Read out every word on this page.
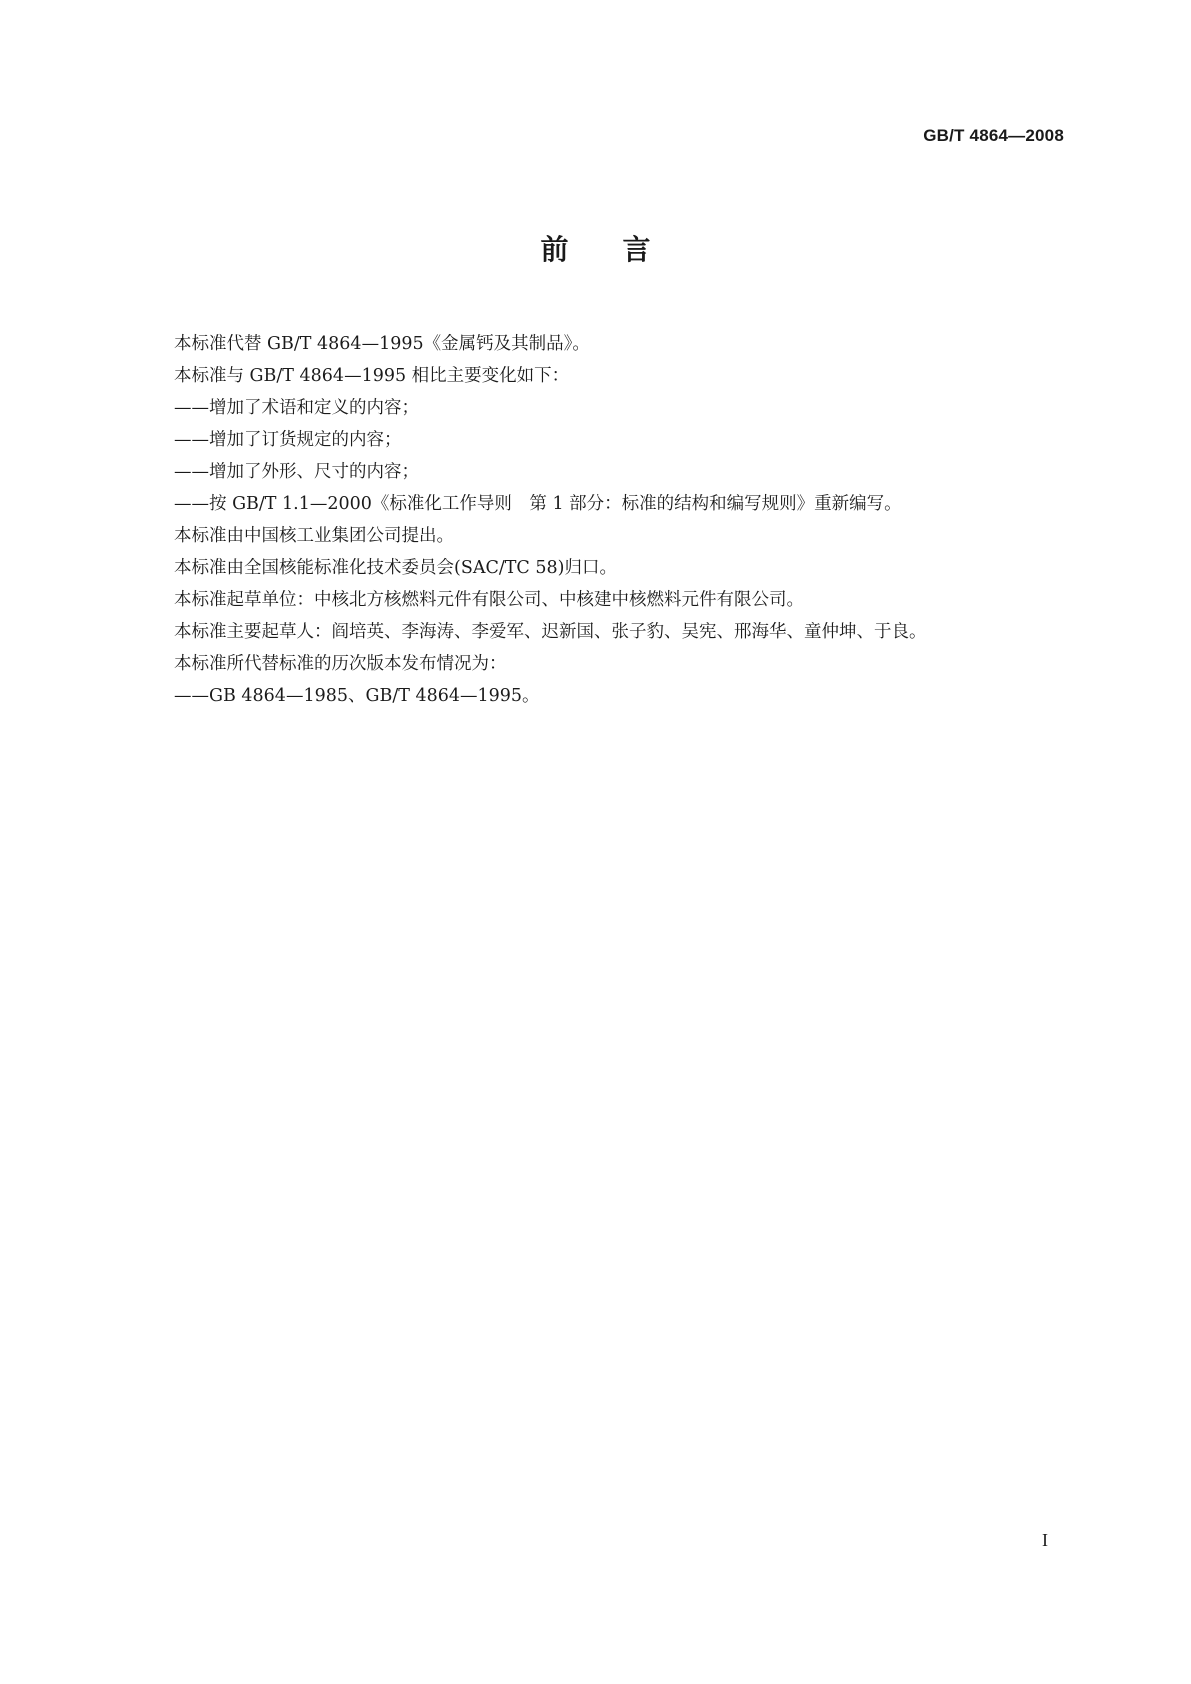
GB/T 4864—2008
前言
本标准代替 GB/T 4864—1995《金属钙及其制品》。
本标准与 GB/T 4864—1995 相比主要变化如下：
——增加了术语和定义的内容；
——增加了订货规定的内容；
——增加了外形、尺寸的内容；
——按 GB/T 1.1—2000《标准化工作导则　第 1 部分：标准的结构和编写规则》重新编写。
本标准由中国核工业集团公司提出。
本标准由全国核能标准化技术委员会(SAC/TC 58)归口。
本标准起草单位：中核北方核燃料元件有限公司、中核建中核燃料元件有限公司。
本标准主要起草人：阎培英、李海涛、李爱军、迟新国、张子豹、吴宪、邢海华、童仲坤、于良。
本标准所代替标准的历次版本发布情况为：
——GB 4864—1985、GB/T 4864—1995。
I
